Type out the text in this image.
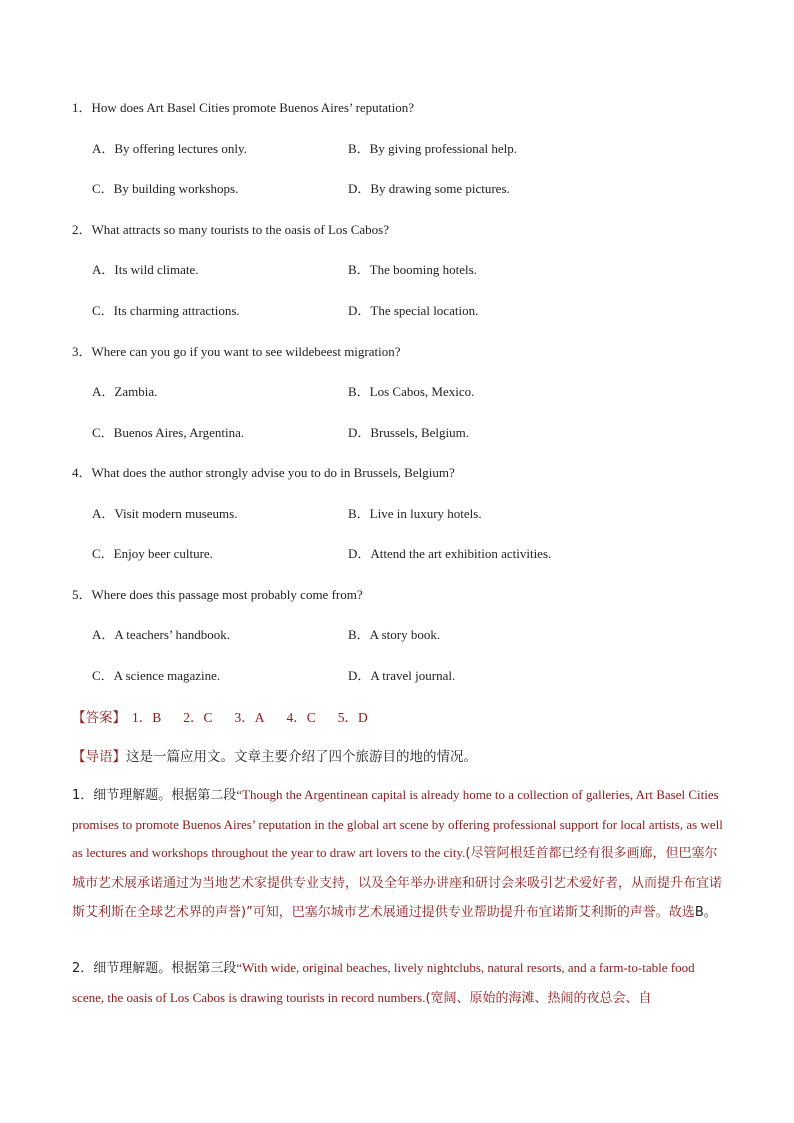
1．How does Art Basel Cities promote Buenos Aires’ reputation?
A．By offering lectures only.	B．By giving professional help.
C．By building workshops.	D．By drawing some pictures.
2．What attracts so many tourists to the oasis of Los Cabos?
A．Its wild climate.	B．The booming hotels.
C．Its charming attractions.	D．The special location.
3．Where can you go if you want to see wildebeest migration?
A．Zambia.	B．Los Cabos, Mexico.
C．Buenos Aires, Argentina.	D．Brussels, Belgium.
4．What does the author strongly advise you to do in Brussels, Belgium?
A．Visit modern museums.	B．Live in luxury hotels.
C．Enjoy beer culture.	D．Attend the art exhibition activities.
5．Where does this passage most probably come from?
A．A teachers’ handbook.	B．A story book.
C．A science magazine.	D．A travel journal.
【答案】 1．B 2．C 3．A 4．C 5．D
【导语】这是一篇应用文。文章主要介绍了四个旅游目的地的情况。
1．细节理解题。根据第二段“Though the Argentinean capital is already home to a collection of galleries, Art Basel Cities promises to promote Buenos Aires’ reputation in the global art scene by offering professional support for local artists, as well as lectures and workshops throughout the year to draw art lovers to the city.(尽管阿根廷首都已经有很多画廊，但巴塞尔城市艺术展承诺通过为当地艺术家提供专业支持，以及全年举办讲座和研讨会来吸引艺术爱好者，从而提升布宜诺斯艾利斯在全球艺术界的声誉)”可知，巴塞尔城市艺术展通过提供专业帮助提升布宜诺斯艾利斯的声誉。故选B。
2．细节理解题。根据第三段“With wide, original beaches, lively nightclubs, natural resorts, and a farm-to-table food scene, the oasis of Los Cabos is drawing tourists in record numbers.(宽阔、原始的海滩、热闹的夜总会、自
